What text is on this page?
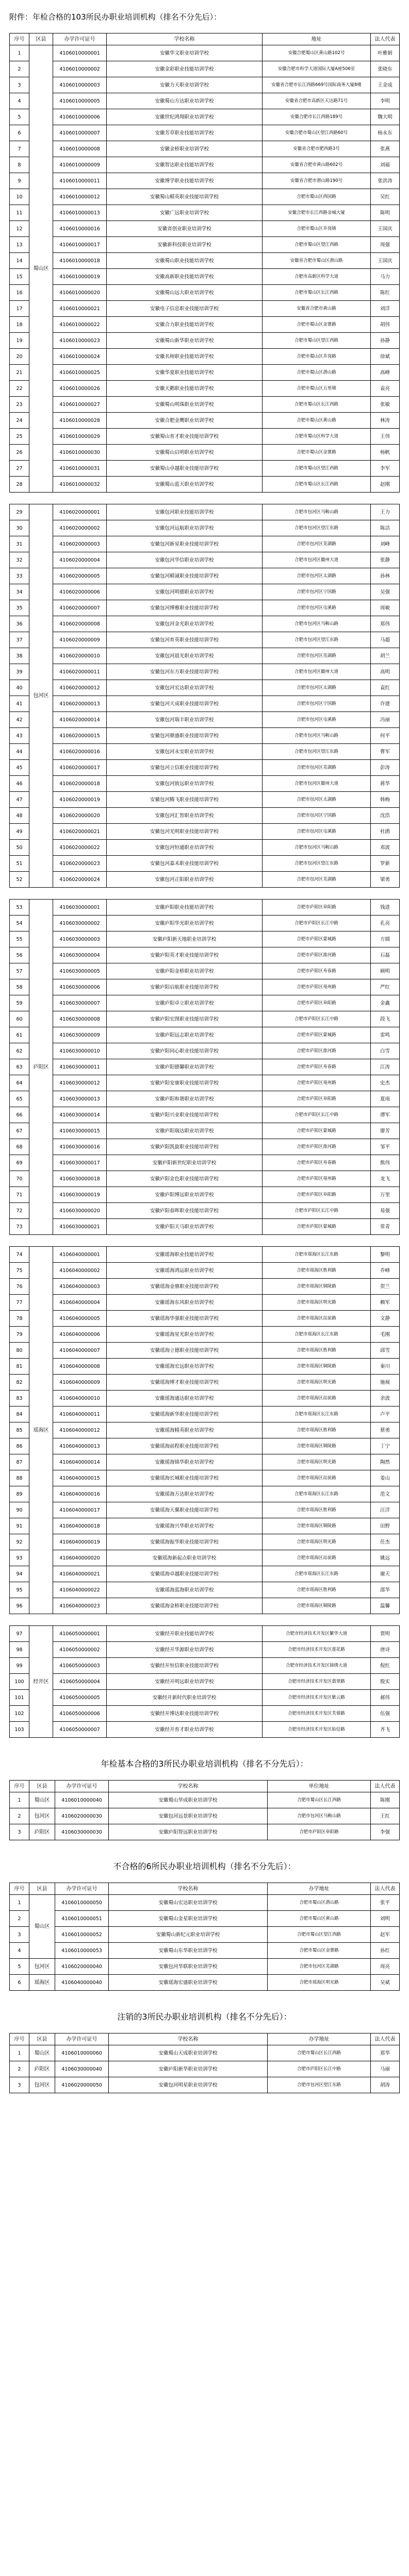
附件：年检合格的103所民办职业培训机构（排名不分先后）：
序号	区县	办学许可证号	学校名称	地址	法人代表
1	蜀山区	4106010000001	安徽华文职业培训学校	安徽合肥蜀山区黄山路102号	叶雅娟
2		4106010000002	安徽金彩职业技能培训学校	安徽合肥市科学大道国际大厦A座506室	张晓东
3		4106010000003	安徽力天职业培训学校	安徽省合肥市长江西路669号国际商务大厦8楼	王金成
4		4106010000005	安徽蜀山方达职业培训学校	安徽省合肥市高新区天达路71号	李明
5		4106010000006	安徽世纪鸿翔职业培训学校	安徽合肥市长江西路189号	魏大明
6		4106010000007	安徽芳草职业技能培训学校	安徽合肥市蜀山区望江西路60号	杨永东
7		4106010000008	安徽金桥职业培训学校	安徽省合肥市肥西路3号	张燕
8		4106010000009	安徽智达职业技能培训学校	安徽省合肥市黄山路602号	刘福
9		4106010000011	安徽博学职业技能培训学校	安徽省合肥市潜山路190号	张洪涛
10		4106010000012	安徽蜀山精英职业技能培训学校	合肥市蜀山区西园路	吴红
11		4106010000013	安徽广远职业培训学校	安徽合肥市长江西路金城大厦	陈明
12		4106010000016	安徽省创业职业培训学校	合肥市蜀山区井岗镇	王国庆
13		4106010000017	安徽新科技职业培训学校	合肥市蜀山区望江西路	周强
14		4106010000018	安徽蜀山职业技能培训学校	安徽省合肥市蜀山区潜山路	王国庆
15		4106010000019	安徽高新职业技能培训学校	合肥市高新区科学大道	马力
16		4106010000020	安徽蜀山远大职业培训学校	合肥市蜀山区长江西路	陈红
17		4106010000021	安徽电子信息职业技能培训学校	安徽省合肥市黄山路	刘洋
18		4106010000022	安徽合力职业技能培训学校	合肥市蜀山区金寨路	胡伟
19		4106010000023	安徽蜀山新华职业培训学校	合肥市蜀山区望江西路	孙静
20		4106010000024	安徽名师职业技能培训学校	合肥市蜀山区井岗路	徐斌
21		4106010000025	安徽华夏职业技能培训学校	合肥市蜀山区潜山路	高峰
22		4106010000026	安徽天鹅职业技能培训学校	合肥市蜀山区五里墩	袁亮
23		4106010000027	安徽蜀山明珠职业培训学校	合肥市蜀山区长江西路	张敏
24		4106010000028	安徽合肥金鹰职业培训学校	合肥市蜀山区黄山路	林涛
25		4106010000029	安徽蜀山育才职业技能培训学校	合肥市蜀山区科学大道	王伟
26		4106010000030	安徽蜀山启明职业培训学校	合肥市蜀山区金寨路	杨帆
27		4106010000031	安徽蜀山卓越职业技能培训学校	合肥市蜀山区望江西路	李军
28		4106010000032	安徽蜀山蓝天职业培训学校	合肥市蜀山区长江西路	赵刚
29	包河区	4106020000001	安徽包河职业技能培训学校	合肥市包河区马鞍山路	王力
30		4106020000002	安徽包河远航职业培训学校	合肥市包河区望江东路	陈洁
31		4106020000003	安徽包河新星职业技能培训学校	合肥市包河区芜湖路	刘峰
32		4106020000004	安徽包河华信职业培训学校	合肥市包河区徽州大道	张静
33		4106020000005	安徽包河精诚职业技能培训学校	合肥市包河区太湖路	孙林
34		4106020000006	安徽包河明德职业培训学校	合肥市包河区宁国路	吴强
35		4106020000007	安徽包河博雅职业技能培训学校	合肥市包河区屯溪路	周敏
36		4106020000008	安徽包河金光职业培训学校	合肥市包河区马鞍山路	郑伟
37		4106020000009	安徽包河育英职业技能培训学校	合肥市包河区望江东路	马超
38		4106020000010	安徽包河晨光职业培训学校	合肥市包河区芜湖路	胡兰
39		4106020000011	安徽包河东方职业技能培训学校	合肥市包河区徽州大道	高明
40		4106020000012	安徽包河宏达职业培训学校	合肥市包河区太湖路	袁红
41		4106020000013	安徽包河天成职业技能培训学校	合肥市包河区宁国路	许建
42		4106020000014	安徽包河瑞丰职业培训学校	合肥市包河区屯溪路	冯丽
43		4106020000015	安徽包河鼎盛职业技能培训学校	合肥市包河区马鞍山路	何平
44		4106020000016	安徽包河永安职业培训学校	合肥市包河区望江东路	曹军
45		4106020000017	安徽包河立信职业技能培训学校	合肥市包河区芜湖路	彭涛
46		4106020000018	安徽包河致远职业培训学校	合肥市包河区徽州大道	蒋华
47		4106020000019	安徽包河腾飞职业技能培训学校	合肥市包河区太湖路	韩梅
48		4106020000020	安徽包河汇智职业培训学校	合肥市包河区宁国路	沈浩
49		4106020000021	安徽包河光明职业技能培训学校	合肥市包河区屯溪路	杜鹃
50		4106020000022	安徽包河恒通职业培训学校	合肥市包河区马鞍山路	邓波
51		4106020000023	安徽包河嘉禾职业技能培训学校	合肥市包河区望江东路	罗新
52		4106020000024	安徽包河正阳职业培训学校	合肥市包河区芜湖路	梁勇
53	庐阳区	4106030000001	安徽庐阳职业技能培训学校	合肥市庐阳区阜阳路	钱进
54		4106030000002	安徽庐阳华光职业培训学校	合肥市庐阳区长江中路	孔亮
55		4106030000003	安徽庐阳新天地职业培训学校	合肥市庐阳区蒙城路	方圆
56		4106030000004	安徽庐阳英才职业技能培训学校	合肥市庐阳区淮河路	石磊
57		4106030000005	安徽庐阳金桥职业培训学校	合肥市庐阳区寿春路	顾明
58		4106030000006	安徽庐阳启航职业技能培训学校	合肥市庐阳区亳州路	严红
59		4106030000007	安徽庐阳卓立职业培训学校	合肥市庐阳区阜阳路	金鑫
60		4106030000008	安徽庐阳宏图职业技能培训学校	合肥市庐阳区长江中路	段飞
61		4106030000009	安徽庐阳远志职业培训学校	合肥市庐阳区蒙城路	雷鸣
62		4106030000010	安徽庐阳同心职业技能培训学校	合肥市庐阳区淮河路	白雪
63		4106030000011	安徽庐阳德馨职业培训学校	合肥市庐阳区寿春路	江涛
64		4106030000012	安徽庐阳安康职业技能培训学校	合肥市庐阳区亳州路	史杰
65		4106030000013	安徽庐阳和谐职业培训学校	合肥市庐阳区阜阳路	夏雨
66		4106030000014	安徽庐阳兴业职业技能培训学校	合肥市庐阳区长江中路	谭军
67		4106030000015	安徽庐阳瑞达职业培训学校	合肥市庐阳区蒙城路	廖芳
68		4106030000016	安徽庐阳凯旋职业技能培训学校	合肥市庐阳区淮河路	邹平
69		4106030000017	安徽庐阳新世纪职业培训学校	合肥市庐阳区寿春路	熊伟
70		4106030000018	安徽庐阳金色职业技能培训学校	合肥市庐阳区亳州路	龙飞
71		4106030000019	安徽庐阳博远职业培训学校	合肥市庐阳区阜阳路	万里
72		4106030000020	安徽庐阳春晖职业技能培训学校	合肥市庐阳区长江中路	易强
73		4106030000021	安徽庐阳天马职业培训学校	合肥市庐阳区蒙城路	常青
74	瑶海区	4106040000001	安徽瑶海职业技能培训学校	合肥市瑶海区长江东路	黎明
75		4106040000002	安徽瑶海鸿运职业培训学校	合肥市瑶海区胜利路	乔峰
76		4106040000003	安徽瑶海金鼎职业技能培训学校	合肥市瑶海区铜陵路	贺兰
77		4106040000004	安徽瑶海东风职业培训学校	合肥市瑶海区明光路	赖军
78		4106040000005	安徽瑶海华强职业技能培训学校	合肥市瑶海区站前路	文静
79		4106040000006	安徽瑶海星光职业培训学校	合肥市瑶海区长江东路	毛刚
80		4106040000007	安徽瑶海立德职业技能培训学校	合肥市瑶海区胜利路	邱雪
81		4106040000008	安徽瑶海宏远职业培训学校	合肥市瑶海区铜陵路	秦川
82		4106040000009	安徽瑶海博才职业技能培训学校	合肥市瑶海区明光路	施展
83		4106040000010	安徽瑶海通达职业培训学校	合肥市瑶海区站前路	余波
84		4106040000011	安徽瑶海新华职业技能培训学校	合肥市瑶海区长江东路	卢平
85		4106040000012	安徽瑶海精英职业培训学校	合肥市瑶海区胜利路	蔡勇
86		4106040000013	安徽瑶海前程职业技能培训学校	合肥市瑶海区铜陵路	丁宁
87		4106040000014	安徽瑶海锦华职业培训学校	合肥市瑶海区明光路	陶然
88		4106040000015	安徽瑶海长城职业技能培训学校	合肥市瑶海区站前路	姜山
89		4106040000016	安徽瑶海万达职业培训学校	合肥市瑶海区长江东路	范文
90		4106040000017	安徽瑶海天翼职业技能培训学校	合肥市瑶海区胜利路	汪洋
91		4106040000018	安徽瑶海兴华职业培训学校	合肥市瑶海区铜陵路	田野
92		4106040000019	安徽瑶海振华职业技能培训学校	合肥市瑶海区明光路	任杰
93		4106040000020	安徽瑶海新起点职业培训学校	合肥市瑶海区站前路	姚远
94		4106040000021	安徽瑶海卓越职业技能培训学校	合肥市瑶海区长江东路	谢天
95		4106040000022	安徽瑶海蓝海职业培训学校	合肥市瑶海区胜利路	邵华
96		4106040000023	安徽瑶海金桥职业技能培训学校	合肥市瑶海区铜陵路	温馨
97	经开区	4106050000001	安徽经开职业技能培训学校	合肥市经济技术开发区繁华大道	贾明
98		4106050000002	安徽经开华源职业培训学校	合肥市经济技术开发区莲花路	唐诗
99		4106050000003	安徽经开恒信职业技能培训学校	合肥市经济技术开发区锦绣大道	倪红
100		4106050000004	安徽经开明远职业培训学校	合肥市经济技术开发区翡翠路	殷实
101		4106050000005	安徽经开新时代职业培训学校	合肥市经济技术开发区紫云路	郝伟
102		4106050000006	安徽经开博达职业技能培训学校	合肥市经济技术开发区芙蓉路	伍强
103		4106050000007	安徽经开育才职业培训学校	合肥市经济技术开发区始信路	齐飞
年检基本合格的3所民办职业培训机构（排名不分先后）：
序号	区县	办学许可证号	学校名称	单位地址	法人代表
1	蜀山区	4106010000040	安徽蜀山华成职业培训学校	合肥市蜀山区长江西路	陈刚
2	包河区	4106020000030	安徽包河远景职业培训学校	合肥市包河区马鞍山路	王红
3	庐阳区	4106030000030	安徽庐阳智远职业培训学校	合肥市庐阳区阜阳路	李强
不合格的6所民办职业培训机构（排名不分先后）：
序号	区县	办学许可证号	学校名称	办学地址	法人代表
1	蜀山区	4106010000050	安徽蜀山宏达职业培训学校	合肥市蜀山区潜山路	张平
2		4106010000051	安徽蜀山金星职业培训学校	合肥市蜀山区黄山路	刘明
3		4106010000052	安徽蜀山新纪元职业培训学校	合肥市蜀山区望江西路	赵军
4		4106010000053	安徽蜀山东华职业培训学校	合肥市蜀山区金寨路	孙红
5	包河区	4106020000040	安徽包河华联职业培训学校	合肥市包河区芜湖路	周亮
6	瑶海区	4106040000040	安徽瑶海宏盛职业培训学校	合肥市瑶海区明光路	吴斌
注销的3所民办职业培训机构（排名不分先后）：
序号	区县	办学许可证号	学校名称	办学地址	法人代表
1	蜀山区	4106010000060	安徽蜀山天成职业培训学校	合肥市蜀山区长江西路	郑华
2	庐阳区	4106030000040	安徽庐阳新华职业培训学校	合肥市庐阳区长江中路	马丽
3	包河区	4106020000050	安徽包河明星职业培训学校	合肥市包河区望江东路	胡涛
